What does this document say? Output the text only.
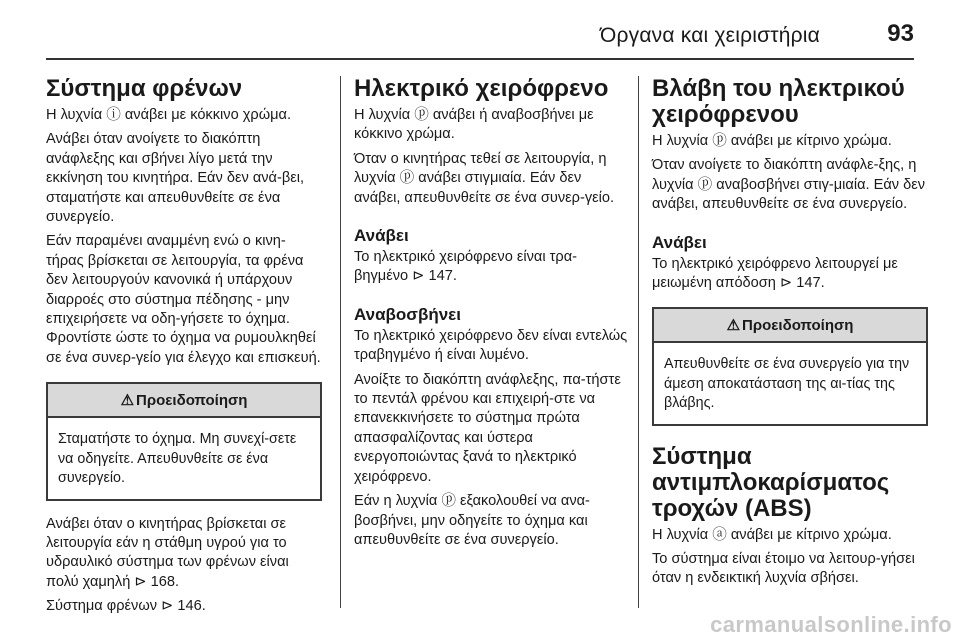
Όργανα και χειριστήρια	93
Σύστημα φρένων

Η λυχνία ⓘ ανάβει με κόκκινο χρώμα.

Ανάβει όταν ανοίγετε το διακόπτη ανάφλεξης και σβήνει λίγο μετά την εκκίνηση του κινητήρα. Εάν δεν ανά-βει, σταματήστε και απευθυνθείτε σε ένα συνεργείο.

Εάν παραμένει αναμμένη ενώ ο κινη-τήρας βρίσκεται σε λειτουργία, τα φρένα δεν λειτουργούν κανονικά ή υπάρχουν διαρροές στο σύστημα πέδησης - μην επιχειρήσετε να οδη-γήσετε το όχημα. Φροντίστε ώστε το όχημα να ρυμουλκηθεί σε ένα συνερ-γείο για έλεγχο και επισκευή.

⚠ Προειδοποίηση
Σταματήστε το όχημα. Μη συνεχί-σετε να οδηγείτε. Απευθυνθείτε σε ένα συνεργείο.

Ανάβει όταν ο κινητήρας βρίσκεται σε λειτουργία εάν η στάθμη υγρού για το υδραυλικό σύστημα των φρένων είναι πολύ χαμηλή ⊳ 168.

Σύστημα φρένων ⊳ 146.

Ηλεκτρικό χειρόφρενο

Η λυχνία ⓟ ανάβει ή αναβοσβήνει με κόκκινο χρώμα.

Όταν ο κινητήρας τεθεί σε λειτουργία, η λυχνία ⓟ ανάβει στιγμιαία. Εάν δεν ανάβει, απευθυνθείτε σε ένα συνερ-γείο.

Ανάβει

Το ηλεκτρικό χειρόφρενο είναι τρα-βηγμένο ⊳ 147.

Αναβοσβήνει

Το ηλεκτρικό χειρόφρενο δεν είναι εντελώς τραβηγμένο ή είναι λυμένο.

Ανοίξτε το διακόπτη ανάφλεξης, πα-τήστε το πεντάλ φρένου και επιχειρή-στε να επανεκκινήσετε το σύστημα πρώτα απασφαλίζοντας και ύστερα ενεργοποιώντας ξανά το ηλεκτρικό χειρόφρενο.

Εάν η λυχνία ⓟ εξακολουθεί να ανα-βοσβήνει, μην οδηγείτε το όχημα και απευθυνθείτε σε ένα συνεργείο.

Βλάβη του ηλεκτρικού χειρόφρενου

Η λυχνία ⓟ ανάβει με κίτρινο χρώμα.

Όταν ανοίγετε το διακόπτη ανάφλε-ξης, η λυχνία ⓟ αναβοσβήνει στιγ-μιαία. Εάν δεν ανάβει, απευθυνθείτε σε ένα συνεργείο.

Ανάβει

Το ηλεκτρικό χειρόφρενο λειτουργεί με μειωμένη απόδοση ⊳ 147.

⚠ Προειδοποίηση
Απευθυνθείτε σε ένα συνεργείο για την άμεση αποκατάσταση της αι-τίας της βλάβης.
Σύστημα αντιμπλοκαρίσματος τροχών (ABS)

Η λυχνία ⓐ ανάβει με κίτρινο χρώμα.

Το σύστημα είναι έτοιμο να λειτουρ-γήσει όταν η ενδεικτική λυχνία σβήσει.

carmanualsonline.info
